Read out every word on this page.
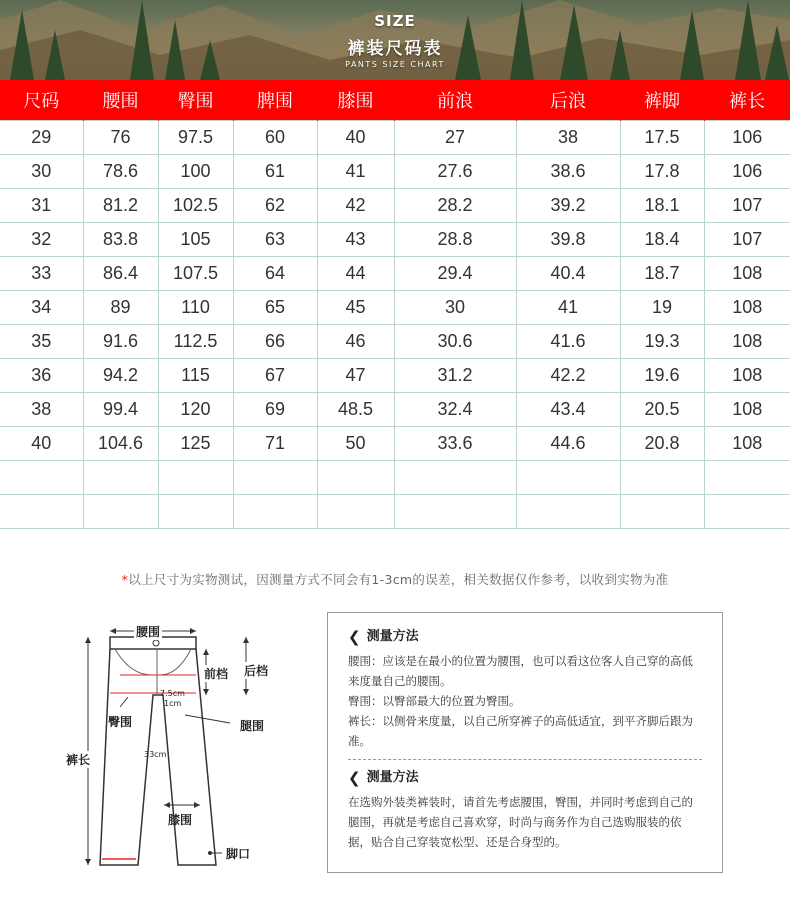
SIZE
裤装尺码表
PANTS SIZE CHART
尺码	腰围	臀围	脾围	膝围	前浪	后浪	裤脚	裤长
29	76	97.5	60	40	27	38	17.5	106
30	78.6	100	61	41	27.6	38.6	17.8	106
31	81.2	102.5	62	42	28.2	39.2	18.1	107
32	83.8	105	63	43	28.8	39.8	18.4	107
33	86.4	107.5	64	44	29.4	40.4	18.7	108
34	89	110	65	45	30	41	19	108
35	91.6	112.5	66	46	30.6	41.6	19.3	108
36	94.2	115	67	47	31.2	42.2	19.6	108
38	99.4	120	69	48.5	32.4	43.4	20.5	108
40	104.6	125	71	50	33.6	44.6	20.8	108

*以上尺寸为实物测试，因测量方式不同会有1-3cm的误差，相关数据仅作参考，以收到实物为准
腰围
前档 后档
7.5cm
1cm
臀围	腿围
裤长	33cm
膝围
脚口
❮ 测量方法
腰围：应该是在最小的位置为腰围，也可以看这位客人自己穿的高低来度量自己的腰围。
臀围：以臀部最大的位置为臀围。
裤长：以侧骨来度量，以自己所穿裤子的高低适宜，到平齐脚后跟为准。
❮ 测量方法
在选购外装类裤装时，请首先考虑腰围，臀围，并同时考虑到自己的腿围，再就是考虑自己喜欢穿，时尚与商务作为自己选购服装的依据，贴合自己穿装宽松型、还是合身型的。
